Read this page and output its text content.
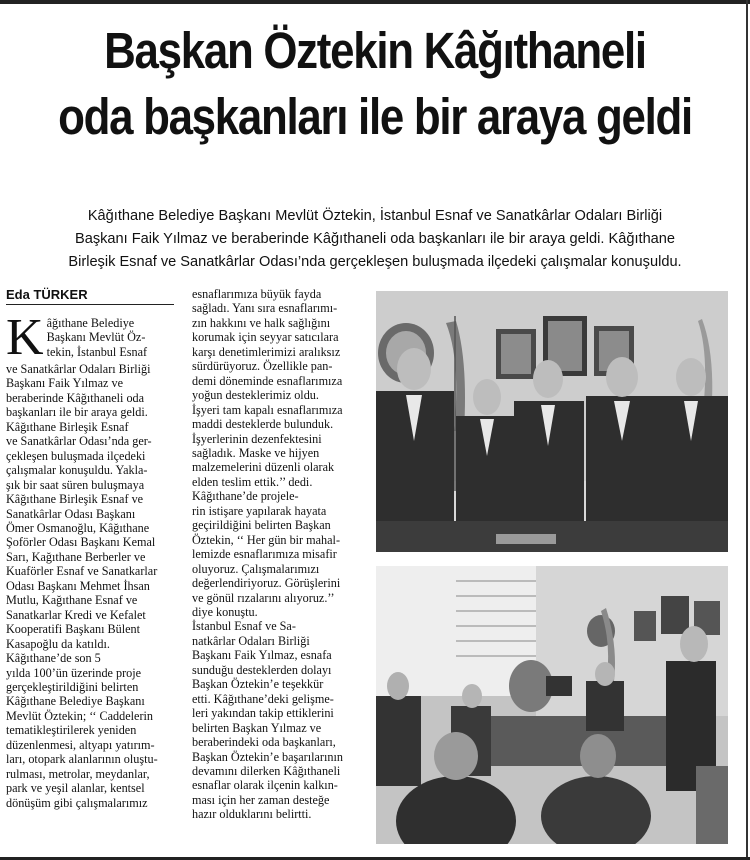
Başkan Öztekin Kâğıthaneli
oda başkanları ile bir araya geldi
Kâğıthane Belediye Başkanı Mevlüt Öztekin, İstanbul Esnaf ve Sanatkârlar Odaları Birliği
Başkanı Faik Yılmaz ve beraberinde Kâğıthaneli oda başkanları ile bir araya geldi. Kâğıthane
Birleşik Esnaf ve Sanatkârlar Odası’nda gerçekleşen buluşmada ilçedeki çalışmalar konuşuldu.
Eda TÜRKER
K âğıthane Belediye
Başkanı Mevlüt Öz-
tekin, İstanbul Esnaf
ve Sanatkârlar Odaları Birliği
Başkanı Faik Yılmaz ve
beraberinde Kâğıthaneli oda
başkanları ile bir araya geldi.
Kâğıthane Birleşik Esnaf
ve Sanatkârlar Odası’nda ger-
çekleşen buluşmada ilçedeki
çalışmalar konuşuldu. Yakla-
şık bir saat süren buluşmaya
Kâğıthane Birleşik Esnaf ve
Sanatkârlar Odası Başkanı
Ömer Osmanoğlu, Kâğıthane
Şoförler Odası Başkanı Kemal
Sarı, Kağıthane Berberler ve
Kuaförler Esnaf ve Sanatkarlar
Odası Başkanı Mehmet İhsan
Mutlu, Kağıthane Esnaf ve
Sanatkarlar Kredi ve Kefalet
Kooperatifi Başkanı Bülent
Kasapoğlu da katıldı.
Kâğıthane’de son 5
yılda 100’ün üzerinde proje
gerçekleştirildiğini belirten
Kâğıthane Belediye Başkanı
Mevlüt Öztekin; ‘‘ Caddelerin
tematikleştirilerek yeniden
düzenlenmesi, altyapı yatırım-
ları, otopark alanlarının oluştu-
rulması, metrolar, meydanlar,
park ve yeşil alanlar, kentsel
dönüşüm gibi çalışmalarımız
esnaflarımıza büyük fayda
sağladı. Yanı sıra esnaflarımı-
zın hakkını ve halk sağlığını
korumak için seyyar satıcılara
karşı denetimlerimizi aralıksız
sürdürüyoruz. Özellikle pan-
demi döneminde esnaflarımıza
yoğun desteklerimiz oldu.
İşyeri tam kapalı esnaflarımıza
maddi desteklerde bulunduk.
İşyerlerinin dezenfektesini
sağladık. Maske ve hijyen
malzemelerini düzenli olarak
elden teslim ettik.’’ dedi.
Kâğıthane’de projele-
rin istişare yapılarak hayata
geçirildiğini belirten Başkan
Öztekin, ‘‘ Her gün bir mahal-
lemizde esnaflarımıza misafir
oluyoruz. Çalışmalarımızı
değerlendiriyoruz. Görüşlerini
ve gönül rızalarını alıyoruz.’’
diye konuştu.
İstanbul Esnaf ve Sa-
natkârlar Odaları Birliği
Başkanı Faik Yılmaz, esnafa
sunduğu desteklerden dolayı
Başkan Öztekin’e teşekkür
etti. Kâğıthane’deki gelişme-
leri yakından takip ettiklerini
belirten Başkan Yılmaz ve
beraberindeki oda başkanları,
Başkan Öztekin’e başarılarının
devamını dilerken Kâğıthaneli
esnaflar olarak ilçenin kalkın-
ması için her zaman desteğe
hazır olduklarını belirtti.
